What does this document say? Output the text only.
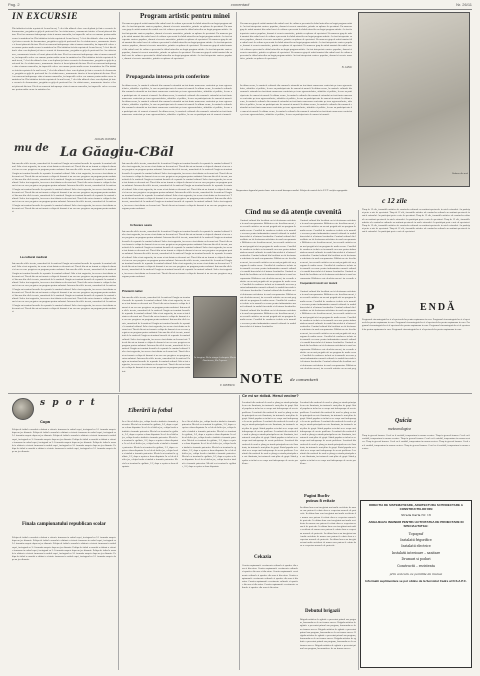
Pag. 2	comentarii	Nr. 26/11
IN EXCURSIE
Din initiativa fericita repetata de la anul trecut, 7 elevi din ultimele clase s-au deplasat joi intr-o excursie de documentare, pregatita cu grija de profesorii lor. Au vizitat muzee, monumente istorice si locuri pitoresti din tara. Elevii au cunoscut indeaproape viata si munca oamenilor, iar impresiile culese vor ramane pentru multa vreme in amintirea lor. Din initiativa fericita repetata de la anul trecut, 7 elevi din ultimele clase s-au deplasat joi intr-o excursie de documentare, pregatita cu grija de profesorii lor. Au vizitat muzee, monumente istorice si locuri pitoresti din tara. Elevii au cunoscut indeaproape viata si munca oamenilor, iar impresiile culese vor ramane pentru multa vreme in amintirea lor. Din initiativa fericita repetata de la anul trecut, 7 elevi din ultimele clase s-au deplasat joi intr-o excursie de documentare, pregatita cu grija de profesorii lor. Au vizitat muzee, monumente istorice si locuri pitoresti din tara. Elevii au cunoscut indeaproape viata si munca oamenilor, iar impresiile culese vor ramane pentru multa vreme in amintirea lor. Din initiativa fericita repetata de la anul trecut, 7 elevi din ultimele clase s-au deplasat joi intr-o excursie de documentare, pregatita cu grija de profesorii lor. Au vizitat muzee, monumente istorice si locuri pitoresti din tara. Elevii au cunoscut indeaproape viata si munca oamenilor, iar impresiile culese vor ramane pentru multa vreme in amintirea lor. Din initiativa fericita repetata de la anul trecut, 7 elevi din ultimele clase s-au deplasat joi intr-o excursie de documentare, pregatita cu grija de profesorii lor. Au vizitat muzee, monumente istorice si locuri pitoresti din tara. Elevii au cunoscut indeaproape viata si munca oamenilor, iar impresiile culese vor ramane pentru multa vreme in amintirea lor. Din initiativa fericita repetata de la anul trecut, 7 elevi din ultimele clase s-au deplasat joi intr-o excursie de documentare, pregatita cu grija de profesorii lor. Au vizitat muzee, monumente istorice si locuri pitoresti din tara. Elevii au cunoscut indeaproape viata si munca oamenilor, iar impresiile culese vor ramane pentru multa vreme in amintirea lor.
IULIAN CONDEA
mu de La Găagiu-CBăl
Intr-una din zilele trecute, muncitorii de la santierul Gaagiu au terminat lucrarile de reparatie la caminul cultural. Sala a fost zugravita, iar scena a fost dotata cu decoruri noi. Tinerii din sat au format o echipa de dansuri si un cor care pregatesc un program pentru sarbatori. Intr-una din zilele trecute, muncitorii de la santierul Gaagiu au terminat lucrarile de reparatie la caminul cultural. Sala a fost zugravita, iar scena a fost dotata cu decoruri noi. Tinerii din sat au format o echipa de dansuri si un cor care pregatesc un program pentru sarbatori. Intr-una din zilele trecute, muncitorii de la santierul Gaagiu au terminat lucrarile de reparatie la caminul cultural. Sala a fost zugravita, iar scena a fost dotata cu decoruri noi. Tinerii din sat au format o echipa de dansuri si un cor care pregatesc un program pentru sarbatori. Intr-una din zilele trecute, muncitorii de la santierul Gaagiu au terminat lucrarile de reparatie la caminul cultural. Sala a fost zugravita, iar scena a fost dotata cu decoruri noi. Tinerii din sat au format o echipa de dansuri si un cor care pregatesc un program pentru sarbatori. Intr-una din zilele trecute, muncitorii de la santierul Gaagiu au terminat lucrarile de reparatie la caminul cultural. Sala a fost zugravita, iar scena a fost dotata cu decoruri noi. Tinerii din sat au format o echipa de dansuri si un cor care pregatesc un program pentru sarbatori. Intr-una din zilele trecute, muncitorii de la santierul Gaagiu au terminat lucrarile de reparatie la caminul cultural. Sala a fost zugravita, iar scena a fost dotata cu decoruri noi. Tinerii din sat au format o echipa de dansuri si un cor care pregatesc un program pentru sarbatori.
La cultural medical
Intr-una din zilele trecute, muncitorii de la santierul Gaagiu au terminat lucrarile de reparatie la caminul cultural. Sala a fost zugravita, iar scena a fost dotata cu decoruri noi. Tinerii din sat au format o echipa de dansuri si un cor care pregatesc un program pentru sarbatori. Intr-una din zilele trecute, muncitorii de la santierul Gaagiu au terminat lucrarile de reparatie la caminul cultural. Sala a fost zugravita, iar scena a fost dotata cu decoruri noi. Tinerii din sat au format o echipa de dansuri si un cor care pregatesc un program pentru sarbatori. Intr-una din zilele trecute, muncitorii de la santierul Gaagiu au terminat lucrarile de reparatie la caminul cultural. Sala a fost zugravita, iar scena a fost dotata cu decoruri noi. Tinerii din sat au format o echipa de dansuri si un cor care pregatesc un program pentru sarbatori. Intr-una din zilele trecute, muncitorii de la santierul Gaagiu au terminat lucrarile de reparatie la caminul cultural. Sala a fost zugravita, iar scena a fost dotata cu decoruri noi. Tinerii din sat au format o echipa de dansuri si un cor care pregatesc un program pentru sarbatori. Intr-una din zilele trecute, muncitorii de la santierul Gaagiu au terminat lucrarile de reparatie la caminul cultural. Sala a fost zugravita, iar scena a fost dotata cu decoruri noi. Tinerii din sat au format o echipa de dansuri si un cor care pregatesc un program pentru sarbatori. Intr-una din zilele trecute, muncitorii de la santierul Gaagiu au terminat lucrarile de reparatie la caminul cultural. Sala a fost zugravita, iar scena a fost dotata cu decoruri noi. Tinerii din sat au format o echipa de dansuri si un cor care pregatesc un program pentru sarbatori.
Intr-una din zilele trecute, muncitorii de la santierul Gaagiu au terminat lucrarile de reparatie la caminul cultural. Sala a fost zugravita, iar scena a fost dotata cu decoruri noi. Tinerii din sat au format o echipa de dansuri si un cor care pregatesc un program pentru sarbatori. Intr-una din zilele trecute, muncitorii de la santierul Gaagiu au terminat lucrarile de reparatie la caminul cultural. Sala a fost zugravita, iar scena a fost dotata cu decoruri noi. Tinerii din sat au format o echipa de dansuri si un cor care pregatesc un program pentru sarbatori. Intr-una din zilele trecute, muncitorii de la santierul Gaagiu au terminat lucrarile de reparatie la caminul cultural. Sala a fost zugravita, iar scena a fost dotata cu decoruri noi. Tinerii din sat au format o echipa de dansuri si un cor care pregatesc un program pentru sarbatori. Intr-una din zilele trecute, muncitorii de la santierul Gaagiu au terminat lucrarile de reparatie la caminul cultural. Sala a fost zugravita, iar scena a fost dotata cu decoruri noi. Tinerii din sat au format o echipa de dansuri si un cor care pregatesc un program pentru sarbatori. Intr-una din zilele trecute, muncitorii de la santierul Gaagiu au terminat lucrarile de reparatie la caminul cultural. Sala a fost zugravita, iar scena a fost dotata cu decoruri noi. Tinerii din sat au format o echipa de dansuri si un cor care pregatesc un program pentru sarbatori. Intr-una din zilele trecute, muncitorii de la santierul Gaagiu au terminat lucrarile de reparatie la caminul cultural. Sala a fost zugravita, iar scena a fost dotata cu decoruri noi. Tinerii din sat au format o echipa de dansuri si un cor care pregatesc un program pentru sarbatori.
In fiecare seara
Intr-una din zilele trecute, muncitorii de la santierul Gaagiu au terminat lucrarile de reparatie la caminul cultural. Sala a fost zugravita, iar scena a fost dotata cu decoruri noi. Tinerii din sat au format o echipa de dansuri si un cor care pregatesc un program pentru sarbatori. Intr-una din zilele trecute, muncitorii de la santierul Gaagiu au terminat lucrarile de reparatie la caminul cultural. Sala a fost zugravita, iar scena a fost dotata cu decoruri noi. Tinerii din sat au format o echipa de dansuri si un cor care pregatesc un program pentru sarbatori. Intr-una din zilele trecute, muncitorii de la santierul Gaagiu au terminat lucrarile de reparatie la caminul cultural. Sala a fost zugravita, iar scena a fost dotata cu decoruri noi. Tinerii din sat au format o echipa de dansuri si un cor care pregatesc un program pentru sarbatori. Intr-una din zilele trecute, muncitorii de la santierul Gaagiu au terminat lucrarile de reparatie la caminul cultural. Sala a fost zugravita, iar scena a fost dotata cu decoruri noi. Tinerii din sat au format o echipa de dansuri si un cor care pregatesc un program pentru sarbatori. Intr-una din zilele trecute, muncitorii de la santierul Gaagiu au terminat lucrarile de reparatie la caminul cultural. Sala a fost zugravita, iar scena a fost dotata cu decoruri noi. Tinerii din sat au format o echipa de dansuri si un cor care pregatesc un program pentru sarbatori. Intr-una din zilele trecute, muncitorii de la santierul Gaagiu au terminat lucrarile de reparatie la caminul cultural. Sala a fost zugravita, iar scena a fost dotata cu decoruri noi. Tinerii din sat au format o echipa de dansuri si un cor care pregatesc un program pentru sarbatori.
Prietenii natiei
Intr-una din zilele trecute, muncitorii de la santierul Gaagiu au terminat lucrarile de reparatie la caminul cultural. Sala a fost zugravita, iar scena a fost dotata cu decoruri noi. Tinerii din sat au format o echipa de dansuri si un cor care pregatesc un program pentru sarbatori. Intr-una din zilele trecute, muncitorii de la santierul Gaagiu au terminat lucrarile de reparatie la caminul cultural. Sala a fost zugravita, iar scena a fost dotata cu decoruri noi. Tinerii din sat au format o echipa de dansuri si un cor care pregatesc un program pentru sarbatori. Intr-una din zilele trecute, muncitorii de la santierul Gaagiu au terminat lucrarile de reparatie la caminul cultural. Sala a fost zugravita, iar scena a fost dotata cu decoruri noi. Tinerii din sat au format o echipa de dansuri si un cor care pregatesc un program pentru sarbatori. Intr-una din zilele trecute, muncitorii de la santierul Gaagiu au terminat lucrarile de reparatie la caminul cultural. Sala a fost zugravita, iar scena a fost dotata cu decoruri noi. Tinerii din sat au format o echipa de dansuri si un cor care pregatesc un program pentru sarbatori. Intr-una din zilele trecute, muncitorii de la santierul Gaagiu au terminat lucrarile de reparatie la caminul cultural. Sala a fost zugravita, iar scena a fost dotata cu decoruri noi. Tinerii din sat au format o echipa de dansuri si un cor care pregatesc un program pentru sarbatori. Intr-una din zilele trecute, muncitorii de la santierul Gaagiu au terminat lucrarile de reparatie la caminul cultural. Sala a fost zugravita, iar scena a fost dotata cu decoruri noi. Tinerii din sat au format o echipa de dansuri si un cor care pregatesc un program pentru sarbatori.
In imagine: De la stanga la dreapta: Maria Dumitrescu, Ilie Popescu.
V. IONESCU
Program artistic pentru minei
Un numeros grup de artisti amatori din cadrul casei de cultura a prezentat la clubul minerilor un bogat program artistic. Au fost interpretate cantece populare, dansuri si scenete umoristice, primite cu aplauze de spectatori. Un numeros grup de artisti amatori din cadrul casei de cultura a prezentat la clubul minerilor un bogat program artistic. Au fost interpretate cantece populare, dansuri si scenete umoristice, primite cu aplauze de spectatori. Un numeros grup de artisti amatori din cadrul casei de cultura a prezentat la clubul minerilor un bogat program artistic. Au fost interpretate cantece populare, dansuri si scenete umoristice, primite cu aplauze de spectatori. Un numeros grup de artisti amatori din cadrul casei de cultura a prezentat la clubul minerilor un bogat program artistic. Au fost interpretate cantece populare, dansuri si scenete umoristice, primite cu aplauze de spectatori. Un numeros grup de artisti amatori din cadrul casei de cultura a prezentat la clubul minerilor un bogat program artistic. Au fost interpretate cantece populare, dansuri si scenete umoristice, primite cu aplauze de spectatori. Un numeros grup de artisti amatori din cadrul casei de cultura a prezentat la clubul minerilor un bogat program artistic. Au fost interpretate cantece populare, dansuri si scenete umoristice, primite cu aplauze de spectatori.
Un numeros grup de artisti amatori din cadrul casei de cultura a prezentat la clubul minerilor un bogat program artistic. Au fost interpretate cantece populare, dansuri si scenete umoristice, primite cu aplauze de spectatori. Un numeros grup de artisti amatori din cadrul casei de cultura a prezentat la clubul minerilor un bogat program artistic. Au fost interpretate cantece populare, dansuri si scenete umoristice, primite cu aplauze de spectatori. Un numeros grup de artisti amatori din cadrul casei de cultura a prezentat la clubul minerilor un bogat program artistic. Au fost interpretate cantece populare, dansuri si scenete umoristice, primite cu aplauze de spectatori. Un numeros grup de artisti amatori din cadrul casei de cultura a prezentat la clubul minerilor un bogat program artistic. Au fost interpretate cantece populare, dansuri si scenete umoristice, primite cu aplauze de spectatori. Un numeros grup de artisti amatori din cadrul casei de cultura a prezentat la clubul minerilor un bogat program artistic. Au fost interpretate cantece populare, dansuri si scenete umoristice, primite cu aplauze de spectatori. Un numeros grup de artisti amatori din cadrul casei de cultura a prezentat la clubul minerilor un bogat program artistic. Au fost interpretate cantece populare, dansuri si scenete umoristice, primite cu aplauze de spectatori.
N. IANU
Propaganda intensa prin conferinte
In ultima vreme, la caminele culturale din comunele raionului au fost tinute numeroase conferinte pe teme agrozootehnice, stiintifice si politice, la care au participat sute de oameni ai muncii. In ultima vreme, la caminele culturale din comunele raionului au fost tinute numeroase conferinte pe teme agrozootehnice, stiintifice si politice, la care au participat sute de oameni ai muncii. In ultima vreme, la caminele culturale din comunele raionului au fost tinute numeroase conferinte pe teme agrozootehnice, stiintifice si politice, la care au participat sute de oameni ai muncii. In ultima vreme, la caminele culturale din comunele raionului au fost tinute numeroase conferinte pe teme agrozootehnice, stiintifice si politice, la care au participat sute de oameni ai muncii. In ultima vreme, la caminele culturale din comunele raionului au fost tinute numeroase conferinte pe teme agrozootehnice, stiintifice si politice, la care au participat sute de oameni ai muncii. In ultima vreme, la caminele culturale din comunele raionului au fost tinute numeroase conferinte pe teme agrozootehnice, stiintifice si politice, la care au participat sute de oameni ai muncii.
In ultima vreme, la caminele culturale din comunele raionului au fost tinute numeroase conferinte pe teme agrozootehnice, stiintifice si politice, la care au participat sute de oameni ai muncii. In ultima vreme, la caminele culturale din comunele raionului au fost tinute numeroase conferinte pe teme agrozootehnice, stiintifice si politice, la care au participat sute de oameni ai muncii. In ultima vreme, la caminele culturale din comunele raionului au fost tinute numeroase conferinte pe teme agrozootehnice, stiintifice si politice, la care au participat sute de oameni ai muncii. In ultima vreme, la caminele culturale din comunele raionului au fost tinute numeroase conferinte pe teme agrozootehnice, stiintifice si politice, la care au participat sute de oameni ai muncii. In ultima vreme, la caminele culturale din comunele raionului au fost tinute numeroase conferinte pe teme agrozootehnice, stiintifice si politice, la care au participat sute de oameni ai muncii. In ultima vreme, la caminele culturale din comunele raionului au fost tinute numeroase conferinte pe teme agrozootehnice, stiintifice si politice, la care au participat sute de oameni ai muncii.
Vederea din aval
Temperatura lagarului pentru bare: este cu mult deasupra mediei. Echipa de control de la C.F.T. verifica agregatele.
Cînd nu se dă atenție cuvenită
Caminul cultural din localitate nu isi desfasoara activitatea in mod corespunzator. Biblioteca este deschisa rareori, iar cercurile artistice nu au mai pregatit nici un program de multa vreme. Consiliul de conducere trebuie sa ia masurile necesare pentru imbunatatirea muncii culturale in randul tineretului si al tuturor locuitorilor. Caminul cultural din localitate nu isi desfasoara activitatea in mod corespunzator. Biblioteca este deschisa rareori, iar cercurile artistice nu au mai pregatit nici un program de multa vreme. Consiliul de conducere trebuie sa ia masurile necesare pentru imbunatatirea muncii culturale in randul tineretului si al tuturor locuitorilor. Caminul cultural din localitate nu isi desfasoara activitatea in mod corespunzator. Biblioteca este deschisa rareori, iar cercurile artistice nu au mai pregatit nici un program de multa vreme. Consiliul de conducere trebuie sa ia masurile necesare pentru imbunatatirea muncii culturale in randul tineretului si al tuturor locuitorilor. Caminul cultural din localitate nu isi desfasoara activitatea in mod corespunzator. Biblioteca este deschisa rareori, iar cercurile artistice nu au mai pregatit nici un program de multa vreme. Consiliul de conducere trebuie sa ia masurile necesare pentru imbunatatirea muncii culturale in randul tineretului si al tuturor locuitorilor. Caminul cultural din localitate nu isi desfasoara activitatea in mod corespunzator. Biblioteca este deschisa rareori, iar cercurile artistice nu au mai pregatit nici un program de multa vreme. Consiliul de conducere trebuie sa ia masurile necesare pentru imbunatatirea muncii culturale in randul tineretului si al tuturor locuitorilor. Caminul cultural din localitate nu isi desfasoara activitatea in mod corespunzator. Biblioteca este deschisa rareori, iar cercurile artistice nu au mai pregatit nici un program de multa vreme. Consiliul de conducere trebuie sa ia masurile necesare pentru imbunatatirea muncii culturale in randul tineretului si al tuturor locuitorilor.
Caminul cultural din localitate nu isi desfasoara activitatea in mod corespunzator. Biblioteca este deschisa rareori, iar cercurile artistice nu au mai pregatit nici un program de multa vreme. Consiliul de conducere trebuie sa ia masurile necesare pentru imbunatatirea muncii culturale in randul tineretului si al tuturor locuitorilor. Caminul cultural din localitate nu isi desfasoara activitatea in mod corespunzator. Biblioteca este deschisa rareori, iar cercurile artistice nu au mai pregatit nici un program de multa vreme. Consiliul de conducere trebuie sa ia masurile necesare pentru imbunatatirea muncii culturale in randul tineretului si al tuturor locuitorilor. Caminul cultural din localitate nu isi desfasoara activitatea in mod corespunzator. Biblioteca este deschisa rareori, iar cercurile artistice nu au mai pregatit nici un program de multa vreme. Consiliul de conducere trebuie sa ia masurile necesare pentru imbunatatirea muncii culturale in randul tineretului si al tuturor locuitorilor. Caminul cultural din localitate nu isi desfasoara activitatea in mod corespunzator. Biblioteca este deschisa rareori, iar cercurile a
Cooperatorii nostri vor muncii
Caminul cultural din localitate nu isi desfasoara activitatea in mod corespunzator. Biblioteca este deschisa rareori, iar cercurile artistice nu au mai pregatit nici un program de multa vreme. Consiliul de conducere trebuie sa ia masurile necesare pentru imbunatatirea muncii culturale in randul tineretului si al tuturor locuitorilor. Caminul cultural din localitate nu isi desfasoara activitatea in mod corespunzator. Biblioteca este deschisa rareori, iar cercurile artistice nu au mai pregatit nici un program de multa vreme. Consiliul de conducere trebuie sa ia masurile necesare pentru imbunatatirea muncii culturale in randul tineretului si al tuturor locuitorilor. Caminul cultural din localitate nu isi desfasoara activitatea in mod corespunzator. Biblioteca este deschisa rareori, iar cercurile artistice nu au mai pregatit nici un program de multa vreme. Consiliul de conducere trebuie sa ia masurile necesare pentru imbunatatirea muncii culturale in randul tineretului si al tuturor locuitorilor. Caminul cultural din localitate nu isi desfasoara activitatea in mod corespunzator. Biblioteca este deschisa rareori, iar cercurile artistice nu au mai pregatit nici un program de multa vreme. Consiliul de conducere trebuie sa ia masurile necesare pentru imbunatatirea muncii culturale in randul tineretului si al tuturor locuitorilor. Caminul cultural din localitate nu isi desfasoara activitatea in mod corespunzator. Biblioteca este deschisa rareori, iar cercurile artistice nu au mai preg
c 12 zile
Timp de 12 zile, formatiile artistice ale caminelor culturale au sustinut spectacole in satele raionului. Au participat peste o mie de spectatori. Timp de 12 zile, formatiile artistice ale caminelor culturale au sustinut spectacole in satele raionului. Au participat peste o mie de spectatori. Timp de 12 zile, formatiile artistice ale caminelor culturale au sustinut spectacole in satele raionului. Au participat peste o mie de spectatori. Timp de 12 zile, formatiile artistice ale caminelor culturale au sustinut spectacole in satele raionului. Au participat peste o mie de spectatori. Timp de 12 zile, formatiile artistice ale caminelor culturale au sustinut spectacole in satele raionului. Au participat peste o mie de spectatori. Timp de 12 zile, formatiile artistice ale caminelor culturale au sustinut spectacole in satele raionului. Au participat peste o mie de spectatori.
P	ENDĂ
Programul cinematografelor si al spectacolelor pentru saptamana in curs. Programul cinematografelor si al spectacolelor pentru saptamana in curs. Programul cinematografelor si al spectacolelor pentru saptamana in curs. Programul cinematografelor si al spectacolelor pentru saptamana in curs. Programul cinematografelor si al spectacolelor pentru saptamana in curs. Programul cinematografelor si al spectacolelor pentru saptamana in curs.
Quicia
meteorologice
Timp in general frumos. Cerul va fi variabil, temperatura in usoara crestere. Timp in general frumos. Cerul va fi variabil, temperatura in usoara crestere. Timp in general frumos. Cerul va fi variabil, temperatura in usoara crestere. Timp in general frumos. Cerul va fi variabil, temperatura in usoara crestere. Timp in general frumos. Cerul va fi variabil, temperatura in usoara crestere. Timp in general frumos. Cerul va fi variabil, temperatura in usoara crestere.
DIRECTIA DE SISTEMATIZARE, ARHITECTURA SI PROIECTARE A CONSTRUCTIILOR DIN
Strada Karla Nr. 16
ANGAJEAZA INGINERI PENTRU ACTIVITATEA DE PROIECTARE IN SPECIALITATILE:
Topograf
Instalatii frigorifice
Instalatii electrice
Instalatii interioare – sanitare
Drumuri si poduri
Constructii – rezistenta
prin concurs cu pomilile de munca
Informatii suplimentare se pot obtine de la Serviciul Cadre al D.S.A.P.C.
NOTE de comentarii
Ce mi se ridică. Herul vecine?
Locuitorii din cartierul de nord se plang ca strada principala nu este iluminata, iar trotuarele sunt pline de gropi. Sfatul popular ar trebui sa se ocupe mai indeaproape de aceste probleme. Locuitorii din cartierul de nord se plang ca strada principala nu este iluminata, iar trotuarele sunt pline de gropi. Sfatul popular ar trebui sa se ocupe mai indeaproape de aceste probleme. Locuitorii din cartierul de nord se plang ca strada principala nu este iluminata, iar trotuarele sunt pline de gropi. Sfatul popular ar trebui sa se ocupe mai indeaproape de aceste probleme. Locuitorii din cartierul de nord se plang ca strada principala nu este iluminata, iar trotuarele sunt pline de gropi. Sfatul popular ar trebui sa se ocupe mai indeaproape de aceste probleme. Locuitorii din cartierul de nord se plang ca strada principala nu este iluminata, iar trotuarele sunt pline de gropi. Sfatul popular ar trebui sa se ocupe mai indeaproape de aceste probleme. Locuitorii din cartierul de nord se plang ca strada principala nu este iluminata, iar trotuarele sunt pline de gropi. Sfatul popular ar trebui sa se ocupe mai indeaproape de aceste probleme.
Locuitorii din cartierul de nord se plang ca strada principala nu este iluminata, iar trotuarele sunt pline de gropi. Sfatul popular ar trebui sa se ocupe mai indeaproape de aceste probleme. Locuitorii din cartierul de nord se plang ca strada principala nu este iluminata, iar trotuarele sunt pline de gropi. Sfatul popular ar trebui sa se ocupe mai indeaproape de aceste probleme. Locuitorii din cartierul de nord se plang ca strada principala nu este iluminata, iar trotuarele sunt pline de gropi. Sfatul popular ar trebui sa se ocupe mai indeaproape de aceste probleme. Locuitorii din cartierul de nord se plang ca strada principala nu este iluminata, iar trotuarele sunt pline de gropi. Sfatul popular ar trebui sa se ocupe mai indeaproape de aceste probleme. Locuitorii din cartierul de nord se plang ca strada principala nu este iluminata, iar trotuarele sunt pline de gropi. Sfatul popular ar trebui sa se ocupe mai indeaproape de aceste probleme. Locuitorii din cartierul de nord se plang ca strada principala nu este iluminata, iar trotuarele sunt pline de gropi. Sfatul popular ar trebui sa se ocupe mai indeaproape de aceste probleme.
Pagini Bucliv
puteau fi evitate
In ultima luna s-au inregistrat mai multe accidente de munca care puteau fi evitate daca se respectau normele de protectie. In ultima luna s-au inregistrat mai multe accidente de munca care puteau fi evitate daca se respectau normele de protectie. In ultima luna s-au inregistrat mai multe accidente de munca care puteau fi evitate daca se respectau normele de protectie. In ultima luna s-au inregistrat mai multe accidente de munca care puteau fi evitate daca se respectau normele de protectie. In ultima luna s-au inregistrat mai multe accidente de munca care puteau fi evitate daca se respectau normele de protectie. In ultima luna s-au inregistrat mai multe accidente de munca care puteau fi evitate daca se respectau normele de protectie.
Debutul brigazii
Brigada artistica de agitatie a prezentat primul sau program, bucurandu-se de un frumos succes. Brigada artistica de agitatie a prezentat primul sau program, bucurandu-se de un frumos succes. Brigada artistica de agitatie a prezentat primul sau program, bucurandu-se de un frumos succes. Brigada artistica de agitatie a prezentat primul sau program, bucurandu-se de un frumos succes. Brigada artistica de agitatie a prezentat primul sau program, bucurandu-se de un frumos succes. Brigada artistica de agitatie a prezentat primul sau program, bucurandu-se de un frumos succes.
Cekazia
Cronica saptamanii: evenimente culturale si sportive din oras si din raion. Cronica saptamanii: evenimente culturale si sportive din oras si din raion. Cronica saptamanii: evenimente culturale si sportive din oras si din raion. Cronica saptamanii: evenimente culturale si sportive din oras si din raion. Cronica saptamanii: evenimente culturale si sportive din oras si din raion. Cronica saptamanii: evenimente culturale si sportive din oras si din raion.
s p o r t
Cupa
Echipa de fotbal a orasului a obtinut o victorie frumoasa in cadrul cupei, invingand cu 3-1 formatia oaspete dupa un joc dinamic. Echipa de fotbal a orasului a obtinut o victorie frumoasa in cadrul cupei, invingand cu 3-1 formatia oaspete dupa un joc dinamic. Echipa de fotbal a orasului a obtinut o victorie frumoasa in cadrul cupei, invingand cu 3-1 formatia oaspete dupa un joc dinamic. Echipa de fotbal a orasului a obtinut o victorie frumoasa in cadrul cupei, invingand cu 3-1 formatia oaspete dupa un joc dinamic. Echipa de fotbal a orasului a obtinut o victorie frumoasa in cadrul cupei, invingand cu 3-1 formatia oaspete dupa un joc dinamic. Echipa de fotbal a orasului a obtinut o victorie frumoasa in cadrul cupei, invingand cu 3-1 formatia oaspete dupa un joc dinamic.
Finala campionatului republican scolar
Echipa de fotbal a orasului a obtinut o victorie frumoasa in cadrul cupei, invingand cu 3-1 formatia oaspete dupa un joc dinamic. Echipa de fotbal a orasului a obtinut o victorie frumoasa in cadrul cupei, invingand cu 3-1 formatia oaspete dupa un joc dinamic. Echipa de fotbal a orasului a obtinut o victorie frumoasa in cadrul cupei, invingand cu 3-1 formatia oaspete dupa un joc dinamic. Echipa de fotbal a orasului a obtinut o victorie frumoasa in cadrul cupei, invingand cu 3-1 formatia oaspete dupa un joc dinamic. Echipa de fotbal a orasului a obtinut o victorie frumoasa in cadrul cupei, invingand cu 3-1 formatia oaspete dupa un joc dinamic. Echipa de fotbal a orasului a obtinut o victorie frumoasa in cadrul cupei, invingand cu 3-1 formatia oaspete dupa un joc dinamic.
Elberării la fotbal
In cel de-al doilea joc, echipa locala a intalnit o formatie puternica. Meciul s-a terminat la egalitate, 2-2, dupa o repriza a doua disputata. In cel de-al doilea joc, echipa locala a intalnit o formatie puternica. Meciul s-a terminat la egalitate, 2-2, dupa o repriza a doua disputata. In cel de-al doilea joc, echipa locala a intalnit o formatie puternica. Meciul s-a terminat la egalitate, 2-2, dupa o repriza a doua disputata. In cel de-al doilea joc, echipa locala a intalnit o formatie puternica. Meciul s-a terminat la egalitate, 2-2, dupa o repriza a doua disputata. In cel de-al doilea joc, echipa locala a intalnit o formatie puternica. Meciul s-a terminat la egalitate, 2-2, dupa o repriza a doua disputata. In cel de-al doilea joc, echipa locala a intalnit o formatie puternica. Meciul s-a terminat la egalitate, 2-2, dupa o repriza a doua disputata.
In cel de-al doilea joc, echipa locala a intalnit o formatie puternica. Meciul s-a terminat la egalitate, 2-2, dupa o repriza a doua disputata. In cel de-al doilea joc, echipa locala a intalnit o formatie puternica. Meciul s-a terminat la egalitate, 2-2, dupa o repriza a doua disputata. In cel de-al doilea joc, echipa locala a intalnit o formatie puternica. Meciul s-a terminat la egalitate, 2-2, dupa o repriza a doua disputata. In cel de-al doilea joc, echipa locala a intalnit o formatie puternica. Meciul s-a terminat la egalitate, 2-2, dupa o repriza a doua disputata. In cel de-al doilea joc, echipa locala a intalnit o formatie puternica. Meciul s-a terminat la egalitate, 2-2, dupa o repriza a doua disputata. In cel de-al doilea joc, echipa locala a intalnit o formatie puternica. Meciul s-a terminat la egalitate, 2-2, dupa o repriza a doua disputata.
